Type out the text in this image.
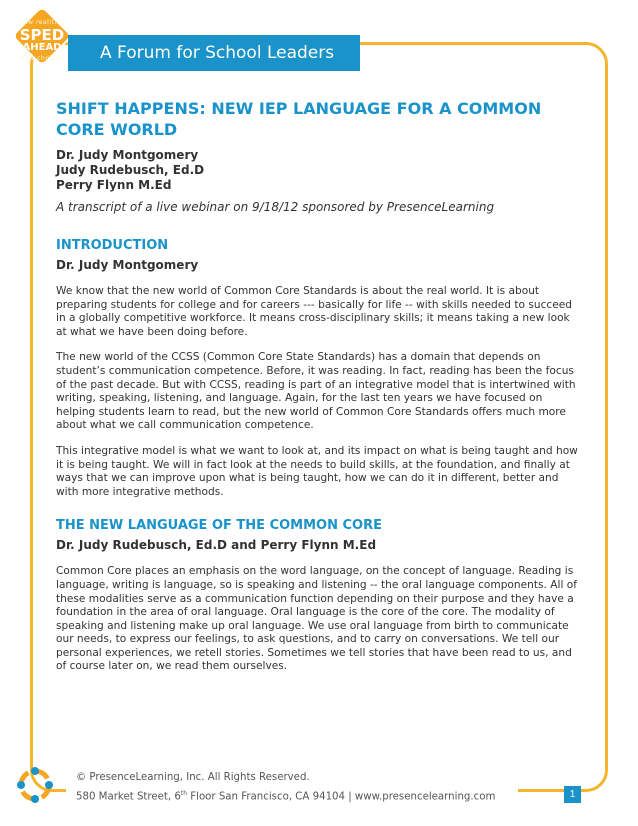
new realities
SPED
AHEAD
new choices	A Forum for School Leaders
SHIFT HAPPENS: NEW IEP LANGUAGE FOR A COMMON
CORE WORLD
Dr. Judy Montgomery
Judy Rudebusch, Ed.D
Perry Flynn M.Ed
A transcript of a live webinar on 9/18/12 sponsored by PresenceLearning
INTRODUCTION
Dr. Judy Montgomery

We know that the new world of Common Core Standards is about the real world. It is about preparing students for college and for careers --- basically for life -- with skills needed to succeed in a globally competitive workforce. It means cross-disciplinary skills; it means taking a new look at what we have been doing before.

The new world of the CCSS (Common Core State Standards) has a domain that depends on student’s communication competence. Before, it was reading. In fact, reading has been the focus of the past decade. But with CCSS, reading is part of an integrative model that is intertwined with writing, speaking, listening, and language. Again, for the last ten years we have focused on helping students learn to read, but the new world of Common Core Standards offers much more about what we call communication competence.

This integrative model is what we want to look at, and its impact on what is being taught and how it is being taught. We will in fact look at the needs to build skills, at the foundation, and finally at ways that we can improve upon what is being taught, how we can do it in different, better and with more integrative methods.

THE NEW LANGUAGE OF THE COMMON CORE
Dr. Judy Rudebusch, Ed.D and Perry Flynn M.Ed

Common Core places an emphasis on the word language, on the concept of language. Reading is language, writing is language, so is speaking and listening -- the oral language components. All of these modalities serve as a communication function depending on their purpose and they have a foundation in the area of oral language. Oral language is the core of the core. The modality of speaking and listening make up oral language. We use oral language from birth to communicate our needs, to express our feelings, to ask questions, and to carry on conversations. We tell our personal experiences, we retell stories. Sometimes we tell stories that have been read to us, and of course later on, we read them ourselves.

© PresenceLearning, Inc. All Rights Reserved.
580 Market Street, 6th Floor San Francisco, CA 94104 | www.presencelearning.com	1
